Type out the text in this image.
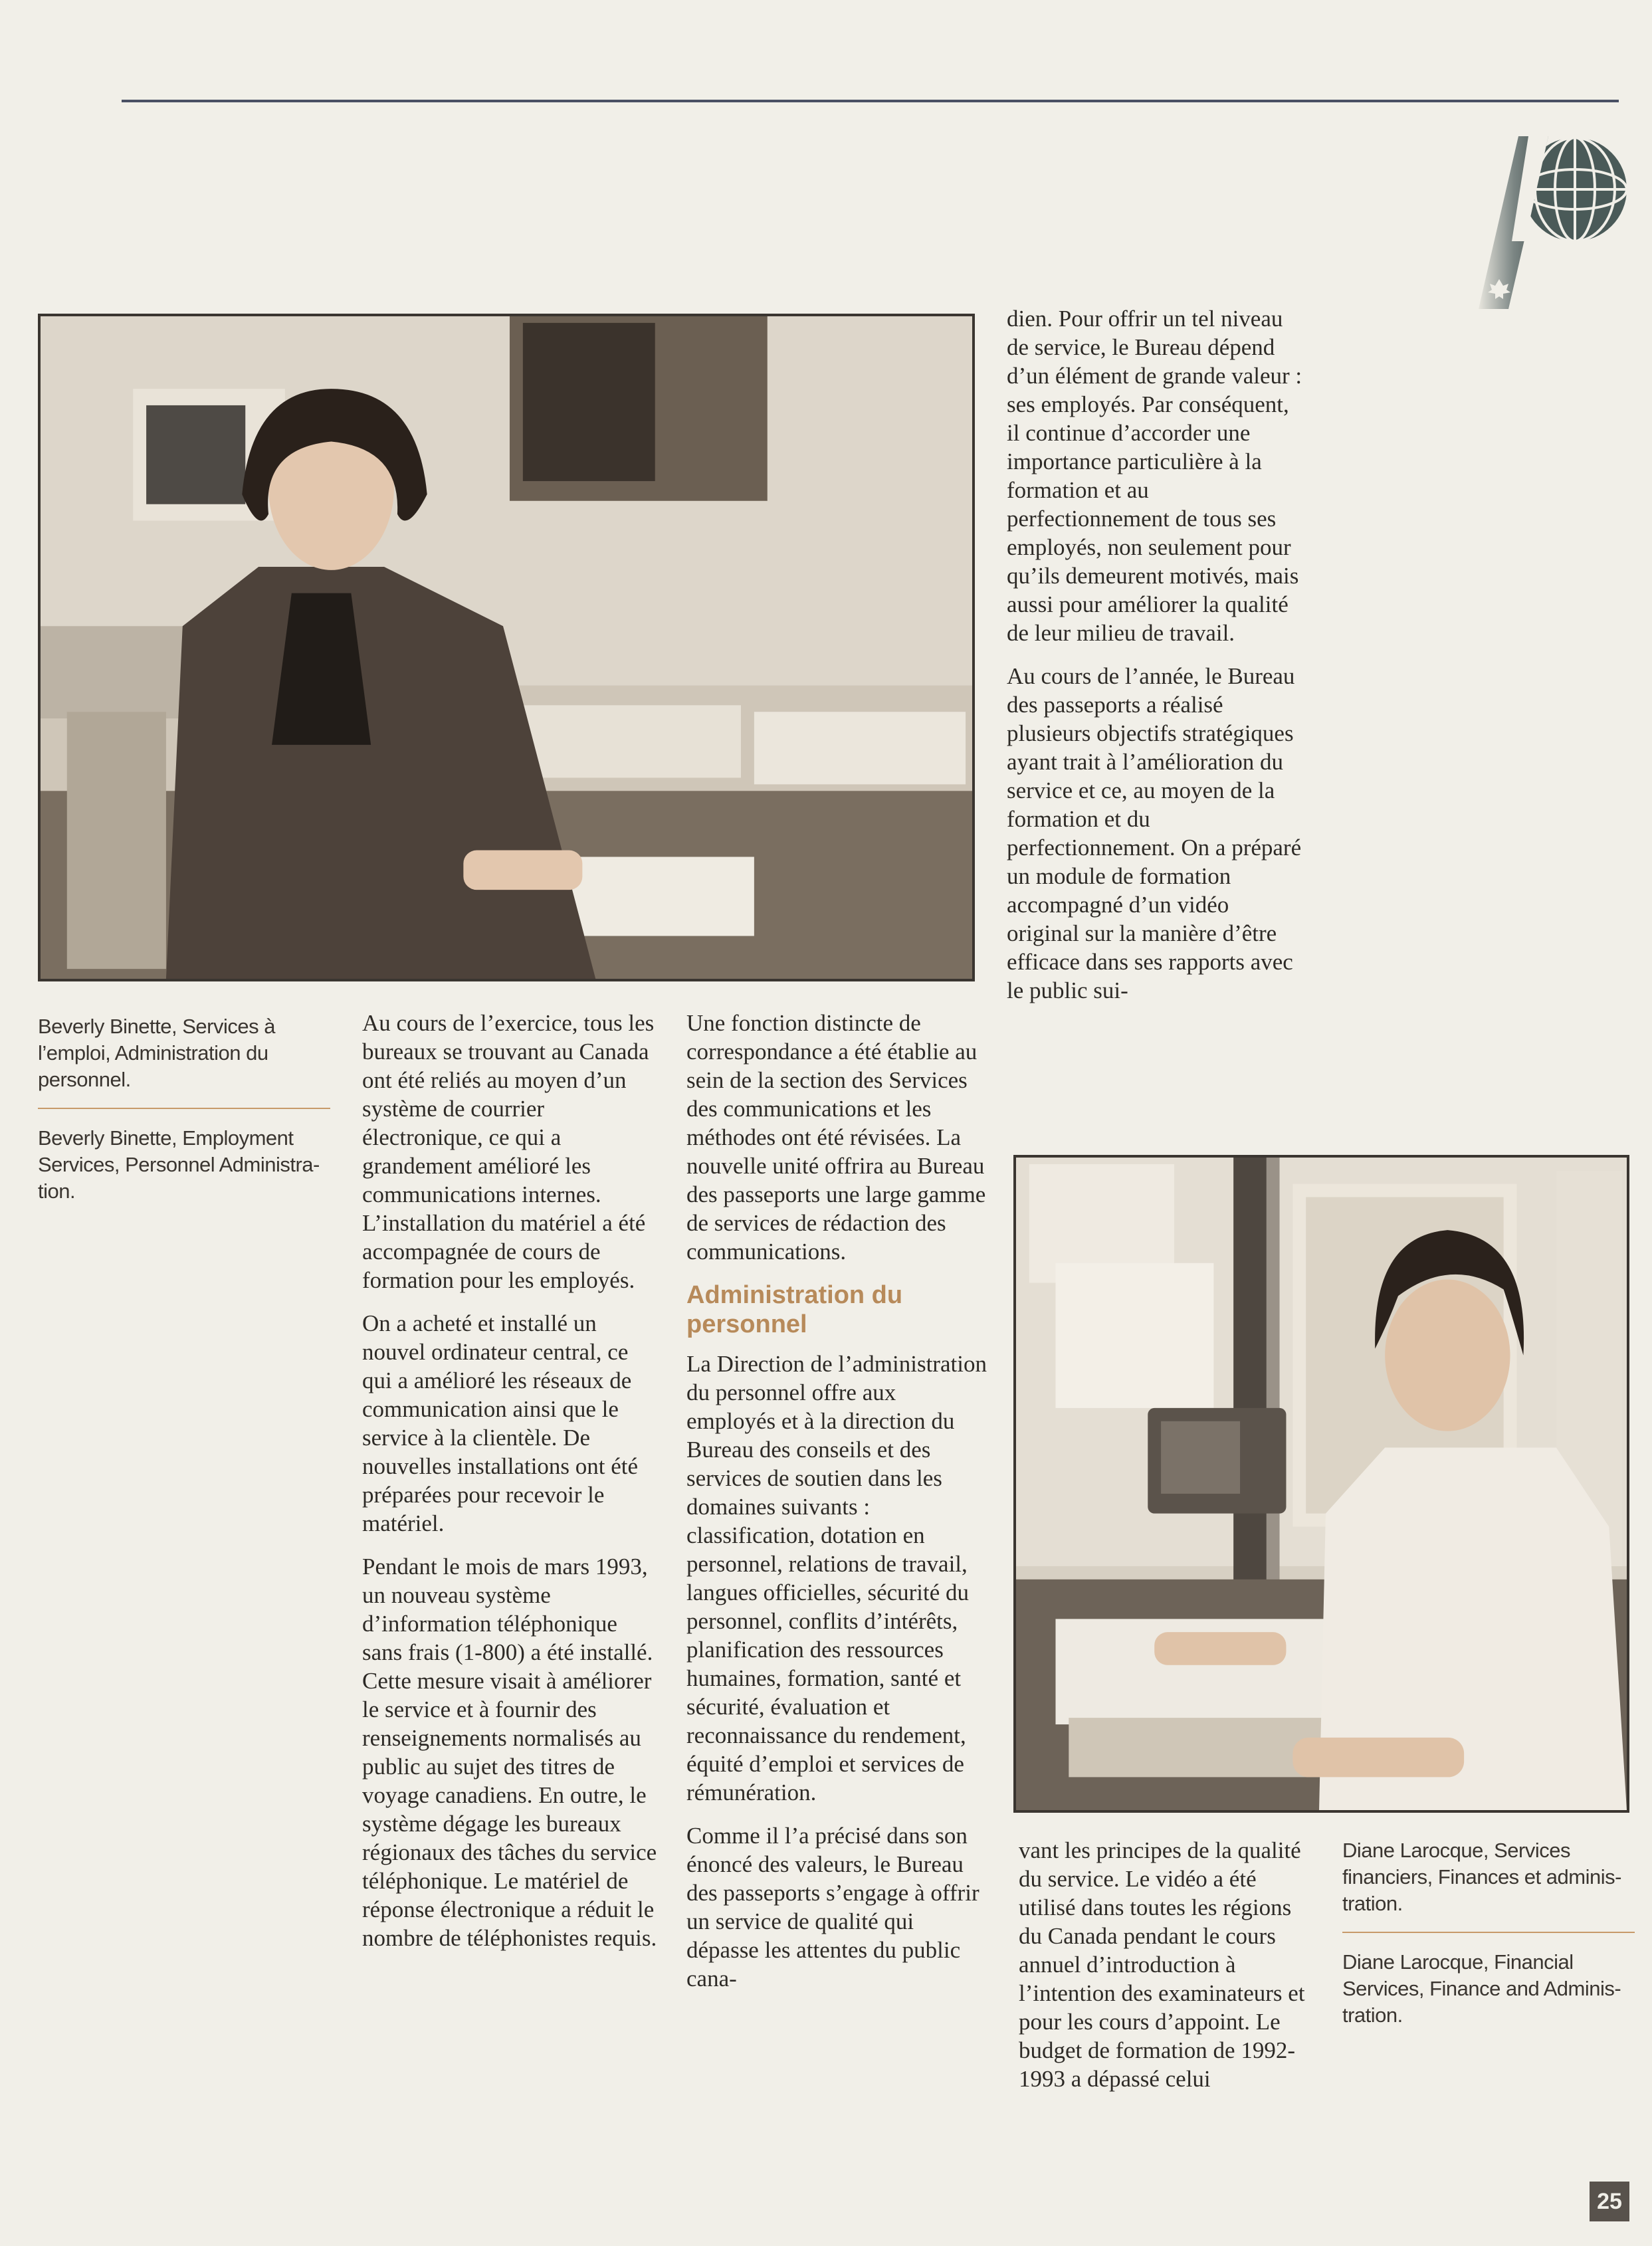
Beverly Binette, Services à l’emploi, Administration du personnel.

Beverly Binette, Employment Services, Personnel Administra-tion.

Diane Larocque, Services financiers, Finances et adminis-tration.

Diane Larocque, Financial Services, Finance and Adminis-tration.

Au cours de l’exercice, tous les bureaux se trouvant au Canada ont été reliés au moyen d’un système de courrier électronique, ce qui a grandement amélioré les communications internes. L’installation du matériel a été accompagnée de cours de formation pour les employés.

On a acheté et installé un nouvel ordinateur central, ce qui a amélioré les réseaux de communication ainsi que le service à la clientèle. De nouvelles installations ont été préparées pour recevoir le matériel.

Pendant le mois de mars 1993, un nouveau système d’information téléphonique sans frais (1-800) a été installé. Cette mesure visait à améliorer le service et à fournir des renseignements normalisés au public au sujet des titres de voyage canadiens. En outre, le système dégage les bureaux régionaux des tâches du service téléphonique. Le matériel de réponse électronique a réduit le nombre de téléphonistes requis.

Une fonction distincte de correspondance a été établie au sein de la section des Services des communications et les méthodes ont été révisées. La nouvelle unité offrira au Bureau des passeports une large gamme de services de rédaction des communications.

Administration du personnel

La Direction de l’administration du personnel offre aux employés et à la direction du Bureau des conseils et des services de soutien dans les domaines suivants : classification, dotation en personnel, relations de travail, langues officielles, sécurité du personnel, conflits d’intérêts, planification des ressources humaines, formation, santé et sécurité, évaluation et reconnaissance du rendement, équité d’emploi et services de rémunération.

Comme il l’a précisé dans son énoncé des valeurs, le Bureau des passeports s’engage à offrir un service de qualité qui dépasse les attentes du public cana-

dien. Pour offrir un tel niveau de service, le Bureau dépend d’un élément de grande valeur : ses employés. Par conséquent, il continue d’accorder une importance particulière à la formation et au perfectionnement de tous ses employés, non seulement pour qu’ils demeurent motivés, mais aussi pour améliorer la qualité de leur milieu de travail.

Au cours de l’année, le Bureau des passeports a réalisé plusieurs objectifs stratégiques ayant trait à l’amélioration du service et ce, au moyen de la formation et du perfectionnement. On a préparé un module de formation accompagné d’un vidéo original sur la manière d’être efficace dans ses rapports avec le public sui-

vant les principes de la qualité du service. Le vidéo a été utilisé dans toutes les régions du Canada pendant le cours annuel d’introduction à l’intention des examinateurs et pour les cours d’appoint. Le budget de formation de 1992-1993 a dépassé celui

25
